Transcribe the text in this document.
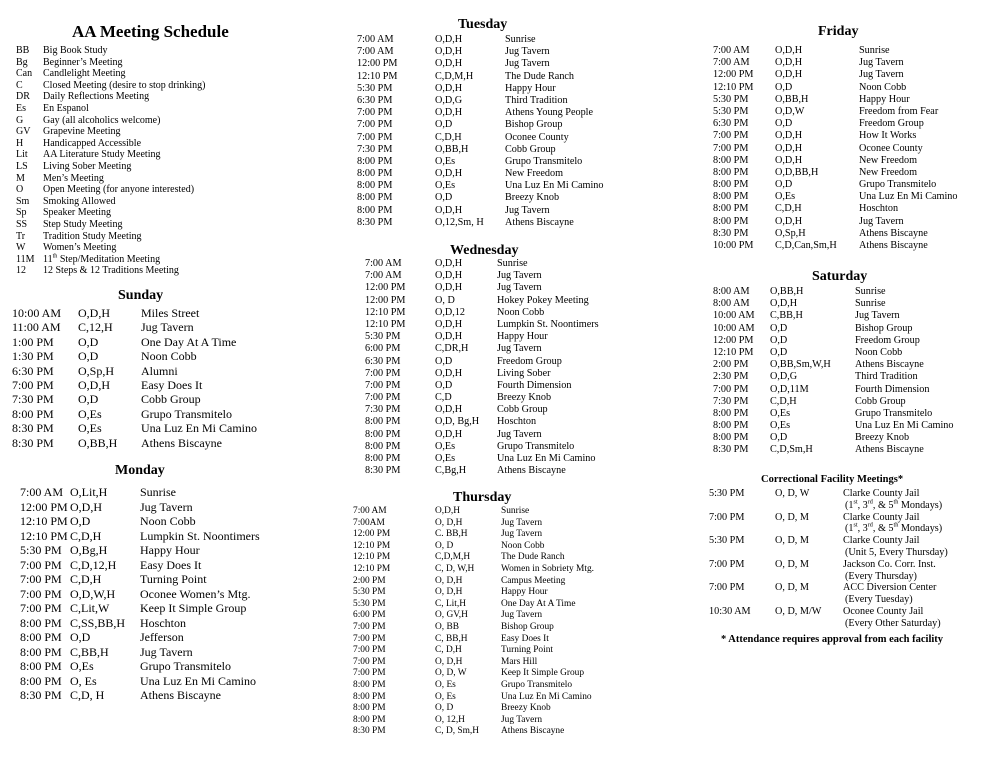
AA Meeting Schedule
BB Big Book Study
Bg Beginner’s Meeting
Can Candlelight Meeting
C Closed Meeting (desire to stop drinking)
DR Daily Reflections Meeting
Es En Espanol
G Gay (all alcoholics welcome)
GV Grapevine Meeting
H Handicapped Accessible
Lit AA Literature Study Meeting
LS Living Sober Meeting
M Men’s Meeting
O Open Meeting (for anyone interested)
Sm Smoking Allowed
Sp Speaker Meeting
SS Step Study Meeting
Tr Tradition Study Meeting
W Women’s Meeting
11M 11th Step/Meditation Meeting
12 12 Steps & 12 Traditions Meeting
Sunday
10:00 AM O,D,H	Miles Street
11:00 AM C,12,H Jug Tavern
1:00 PM O,D	One Day At A Time
1:30 PM O,D	Noon Cobb
6:30 PM O,Sp,H Alumni
7:00 PM O,D,H	Easy Does It
7:30 PM O,D	Cobb Group
8:00 PM O,Es	Grupo Transmitelo
8:30 PM O,Es	Una Luz En Mi Camino
8:30 PM O,BB,H Athens Biscayne
Monday
7:00 AM O,Lit,H	Sunrise
12:00 PM O,D,H	Jug Tavern
12:10 PM O,D	Noon Cobb
12:10 PM C,D,H	Lumpkin St. Noontimers
5:30 PM O,Bg,H	Happy Hour
7:00 PM C,D,12,H Easy Does It
7:00 PM C,D,H	Turning Point
7:00 PM O,D,W,H Oconee Women’s Mtg.
7:00 PM C,Lit,W	Keep It Simple Group
8:00 PM C,SS,BB,H Hoschton
8:00 PM O,D	Jefferson
8:00 PM C,BB,H	Jug Tavern
8:00 PM O,Es	Grupo Transmitelo
8:00 PM O, Es	Una Luz En Mi Camino
8:30 PM C,D, H	Athens Biscayne
Tuesday
7:00 AM	O,D,H	Sunrise
7:00 AM	O,D,H	Jug Tavern
12:00 PM	O,D,H	Jug Tavern
12:10 PM	C,D,M,H	The Dude Ranch
5:30 PM	O,D,H	Happy Hour
6:30 PM	O,D,G	Third Tradition
7:00 PM	O,D,H	Athens Young People
7:00 PM	O,D	Bishop Group
7:00 PM	C,D,H	Oconee County
7:30 PM	O,BB,H	Cobb Group
8:00 PM	O,Es	Grupo Transmitelo
8:00 PM	O,D,H	New Freedom
8:00 PM	O,Es	Una Luz En Mi Camino
8:00 PM	O,D	Breezy Knob
8:00 PM	O,D,H	Jug Tavern
8:30 PM	O,12,Sm, H Athens Biscayne
Wednesday
7:00 AM	O,D,H	Sunrise
7:00 AM	O,D,H	Jug Tavern
12:00 PM	O,D,H	Jug Tavern
12:00 PM	O, D	Hokey Pokey Meeting
12:10 PM	O,D,12	Noon Cobb
12:10 PM	O,D,H	Lumpkin St. Noontimers
5:30 PM	O,D,H	Happy Hour
6:00 PM	C,DR,H	Jug Tavern
6:30 PM	O,D	Freedom Group
7:00 PM	O,D,H	Living Sober
7:00 PM	O,D	Fourth Dimension
7:00 PM	C,D	Breezy Knob
7:30 PM	O,D,H	Cobb Group
8:00 PM	O,D, Bg,H Hoschton
8:00 PM	O,D,H	Jug Tavern
8:00 PM	O,Es	Grupo Transmitelo
8:00 PM	O,Es	Una Luz En Mi Camino
8:30 PM	C,Bg,H	Athens Biscayne
Thursday
7:00 AM	O,D,H	Sunrise
7:00AM	O, D,H	Jug Tavern
12:00 PM	C. BB,H	Jug Tavern
12:10 PM	O, D	Noon Cobb
12:10 PM	C,D,M,H	The Dude Ranch
12:10 PM	C, D, W,H	Women in Sobriety Mtg.
2:00 PM	O, D,H	Campus Meeting
5:30 PM	O, D,H	Happy Hour
5:30 PM	C, Lit,H	One Day At A Time
6:00 PM	O, GV,H	Jug Tavern
7:00 PM	O, BB	Bishop Group
7:00 PM	C, BB,H	Easy Does It
7:00 PM	C, D,H	Turning Point
7:00 PM	O, D,H	Mars Hill
7:00 PM	O, D, W	Keep It Simple Group
8:00 PM	O, Es	Grupo Transmitelo
8:00 PM	O, Es	Una Luz En Mi Camino
8:00 PM	O, D	Breezy Knob
8:00 PM	O, 12,H	Jug Tavern
8:30 PM	C, D, Sm,H Athens Biscayne
Friday
7:00 AM O,D,H	Sunrise
7:00 AM O,D,H	Jug Tavern
12:00 PM O,D,H	Jug Tavern
12:10 PM O,D	Noon Cobb
5:30 PM	O,BB,H	Happy Hour
5:30 PM	O,D,W	Freedom from Fear
6:30 PM	O,D	Freedom Group
7:00 PM	O,D,H	How It Works
7:00 PM	O,D,H	Oconee County
8:00 PM	O,D,H	New Freedom
8:00 PM	O,D,BB,H	New Freedom
8:00 PM	O,D	Grupo Transmitelo
8:00 PM	O,Es	Una Luz En Mi Camino
8:00 PM	C,D,H	Hoschton
8:00 PM	O,D,H	Jug Tavern
8:30 PM	O,Sp,H	Athens Biscayne
10:00 PM C,D,Can,Sm,H Athens Biscayne
Saturday
8:00 AM O,BB,H	Sunrise
8:00 AM O,D,H	Sunrise
10:00 AM C,BB,H	Jug Tavern
10:00 AM O,D	Bishop Group
12:00 PM O,D	Freedom Group
12:10 PM O,D	Noon Cobb
2:00 PM O,BB,Sm,W,H Athens Biscayne
2:30 PM O,D,G	Third Tradition
7:00 PM O,D,11M	Fourth Dimension
7:30 PM C,D,H	Cobb Group
8:00 PM O,Es	Grupo Transmitelo
8:00 PM O,Es	Una Luz En Mi Camino
8:00 PM O,D	Breezy Knob
8:30 PM C,D,Sm,H	Athens Biscayne
Correctional Facility Meetings*
5:30 PM	O, D, W	Clarke County Jail
(1st, 3rd, & 5th Mondays)
7:00 PM	O, D, M	Clarke County Jail
(1st, 3rd, & 5th Mondays)
5:30 PM	O, D, M	Clarke County Jail
(Unit 5, Every Thursday)
7:00 PM	O, D, M	Jackson Co. Corr. Inst.
(Every Thursday)
7:00 PM	O, D, M	ACC Diversion Center
(Every Tuesday)
10:30 AM O, D, M/W Oconee County Jail
(Every Other Saturday)
* Attendance requires approval from each facility
